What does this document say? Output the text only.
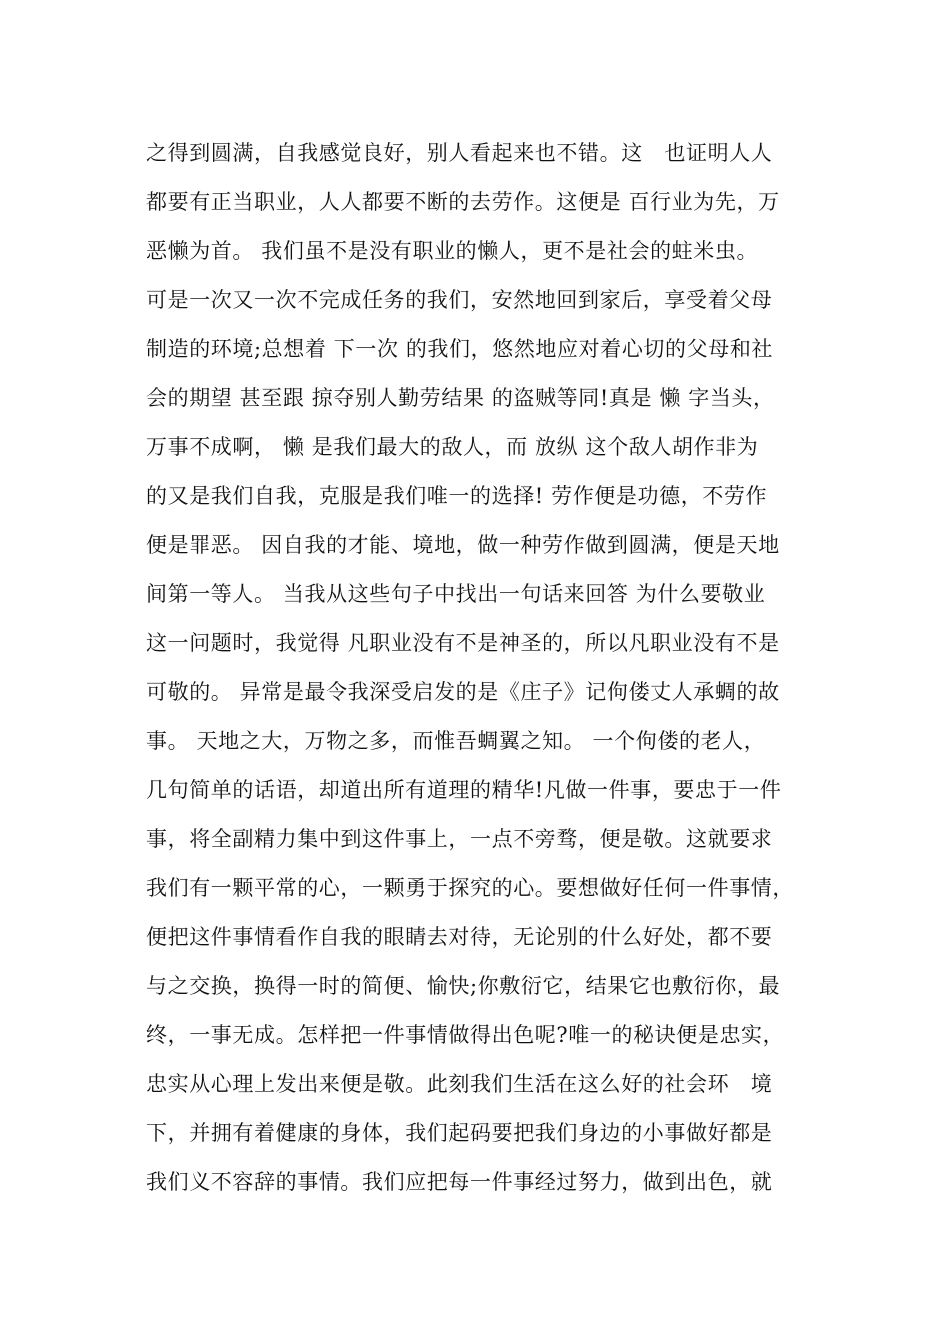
之得到圆满，自我感觉良好，别人看起来也不错。这　也证明人人
都要有正当职业，人人都要不断的去劳作。这便是 百行业为先，万
恶懒为首。 我们虽不是没有职业的懒人，更不是社会的蛀米虫。
可是一次又一次不完成任务的我们，安然地回到家后，享受着父母
制造的环境;总想着 下一次 的我们，悠然地应对着心切的父母和社
会的期望 甚至跟 掠夺别人勤劳结果 的盗贼等同!真是 懒 字当头，
万事不成啊， 懒 是我们最大的敌人，而 放纵 这个敌人胡作非为
的又是我们自我，克服是我们唯一的选择! 劳作便是功德，不劳作
便是罪恶。 因自我的才能、境地，做一种劳作做到圆满，便是天地
间第一等人。 当我从这些句子中找出一句话来回答 为什么要敬业
这一问题时，我觉得 凡职业没有不是神圣的，所以凡职业没有不是
可敬的。 异常是最令我深受启发的是《庄子》记佝偻丈人承蜩的故
事。 天地之大，万物之多，而惟吾蜩翼之知。 一个佝偻的老人，
几句简单的话语，却道出所有道理的精华!凡做一件事，要忠于一件
事，将全副精力集中到这件事上，一点不旁骛，便是敬。这就要求
我们有一颗平常的心，一颗勇于探究的心。要想做好任何一件事情，
便把这件事情看作自我的眼睛去对待，无论别的什么好处，都不要
与之交换，换得一时的简便、愉快;你敷衍它，结果它也敷衍你，最
终，一事无成。怎样把一件事情做得出色呢?唯一的秘诀便是忠实，
忠实从心理上发出来便是敬。此刻我们生活在这么好的社会环　境
下，并拥有着健康的身体，我们起码要把我们身边的小事做好都是
我们义不容辞的事情。我们应把每一件事经过努力，做到出色，就
